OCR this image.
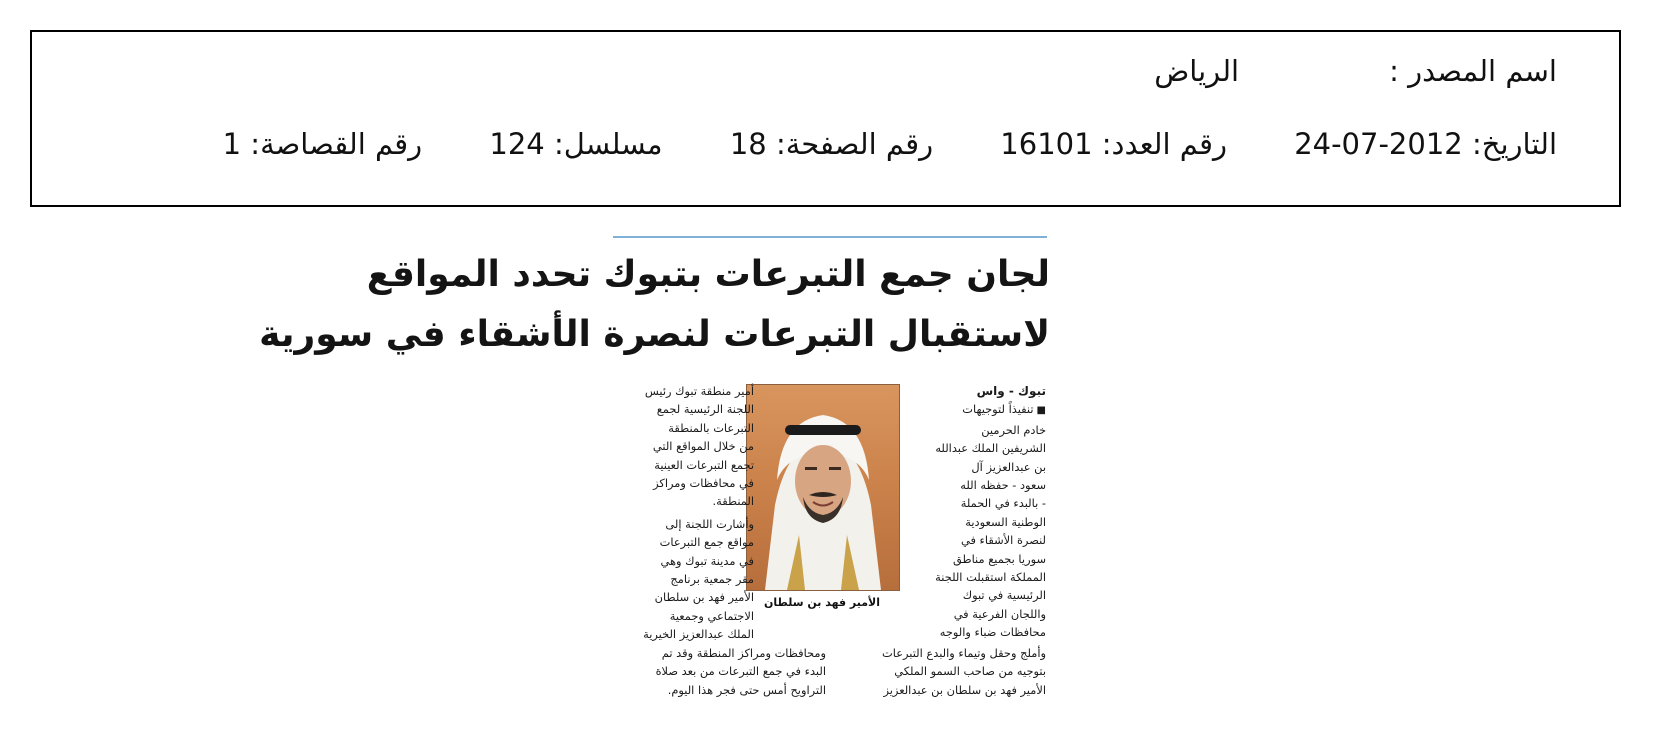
اسم المصدر :الرياض
التاريخ: 24-07-2012 رقم العدد: 16101 رقم الصفحة: 18 مسلسل: 124 رقم القصاصة: 1
لجان جمع التبرعات بتبوك تحدد المواقع
لاستقبال التبرعات لنصرة الأشقاء في سورية
تبوك - واس
■تنفيذاً لتوجيهات
خادم الحرمين
الشريفين الملك عبدالله
بن عبدالعزيز آل
سعود - حفظه الله
- بالبدء في الحملة
الوطنية السعودية
لنصرة الأشقاء في
سوريا بجميع مناطق
المملكة استقبلت اللجنة
الرئيسية في تبوك
واللجان الفرعية في
محافظات ضباء والوجه
الأمير فهد بن سلطان
أمير منطقة تبوك رئيس
اللجنة الرئيسية لجمع
التبرعات بالمنطقة
من خلال المواقع التي
تجمع التبرعات العينية
في محافظات ومراكز
المنطقة.
وأشارت اللجنة إلى
مواقع جمع التبرعات
في مدينة تبوك وهي
مقر جمعية برنامج
الأمير فهد بن سلطان
الاجتماعي وجمعية
الملك عبدالعزيز الخيرية
وأملج وحقل وتيماء والبدع التبرعات
بتوجيه من صاحب السمو الملكي
الأمير فهد بن سلطان بن عبدالعزيز
ومحافظات ومراكز المنطقة وقد تم
البدء في جمع التبرعات من بعد صلاة
التراويح أمس حتى فجر هذا اليوم.
